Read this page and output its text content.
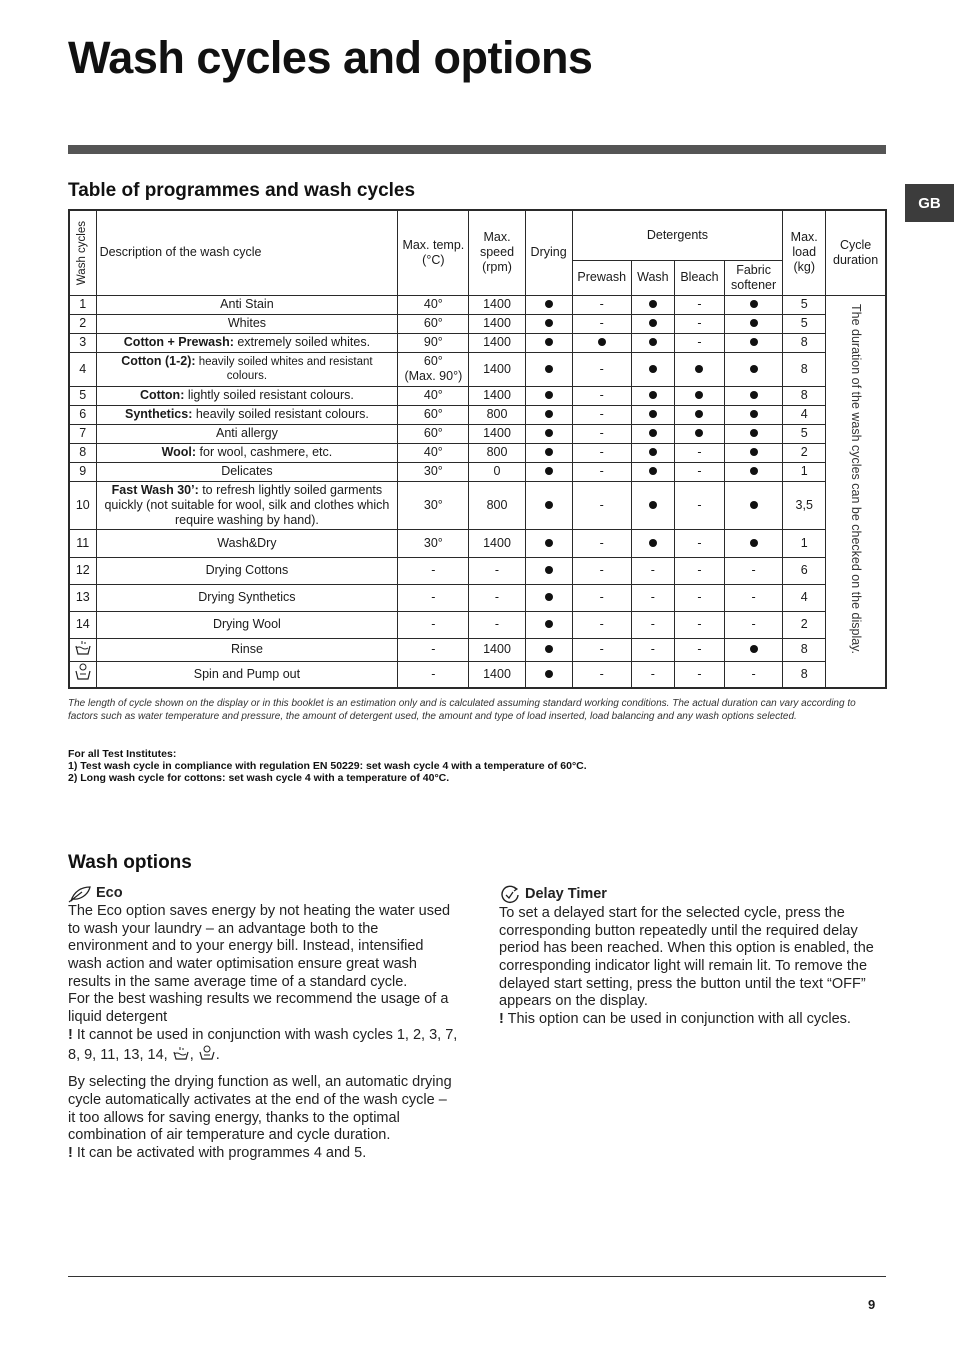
Wash cycles and options
GB
Table of programmes and wash cycles
Wash cycles	Description of the wash cycle	Max. temp. (°C)	Max. speed (rpm)	Drying	Detergents				Max. load (kg)	Cycle duration
					Prewash	Wash	Bleach	Fabric softener		
1	Anti Stain	40°	1400		-		-		5	The duration of the wash cycles can be checked on the display.

2	Whites	60°	1400		-		-		5	
3	Cotton + Prewash: extremely soiled whites.	90°	1400				-		8	
4	Cotton (1-2): heavily soiled whites and resistant colours.	60°
(Max. 90°)	1400		-				8	
5	Cotton: lightly soiled resistant colours.	40°	1400		-				8	
6	Synthetics: heavily soiled resistant colours.	60°	800		-				4	
7	Anti allergy	60°	1400		-				5	
8	Wool: for wool, cashmere, etc.	40°	800		-		-		2	
9	Delicates	30°	0		-		-		1	
10	Fast Wash 30’: to refresh lightly soiled garments quickly (not suitable for wool, silk and clothes which require washing by hand).	30°	800		-		-		3,5	
11	Wash&Dry	30°	1400		-		-		1	
12	Drying Cottons	-	-		-	-	-	-	6	
13	Drying Synthetics	-	-		-	-	-	-	4	
14	Drying Wool	-	-		-	-	-	-	2	
	Rinse	-	1400		-	-	-		8	
	Spin and Pump out	-	1400		-	-	-	-	8	

The length of cycle shown on the display or in this booklet is an estimation only and is calculated assuming standard working conditions. The actual duration can vary according to factors such as water temperature and pressure, the amount of detergent used, the amount and type of load inserted, load balancing and any wash options selected.

For all Test Institutes:
1) Test wash cycle in compliance with regulation EN 50229: set wash cycle 4 with a temperature of 60°C.
2) Long wash cycle for cottons: set wash cycle 4 with a temperature of 40°C.
Wash options
Eco

The Eco option saves energy by not heating the water used to wash your laundry – an advantage both to the environment and to your energy bill. Instead, intensified wash action and water optimisation ensure great wash results in the same average time of a standard cycle.

For the best washing results we recommend the usage of a liquid detergent

! It cannot be used in conjunction with wash cycles 1, 2, 3, 7, 8, 9, 11, 13, 14, , .

By selecting the drying function as well, an automatic drying cycle automatically activates at the end of the wash cycle – it too allows for saving energy, thanks to the optimal combination of air temperature and cycle duration.

! It can be activated with programmes 4 and 5.

Delay Timer

To set a delayed start for the selected cycle, press the corresponding button repeatedly until the required delay period has been reached. When this option is enabled, the corresponding indicator light will remain lit. To remove the delayed start setting, press the button until the text “OFF” appears on the display.

! This option can be used in conjunction with all cycles.

9
